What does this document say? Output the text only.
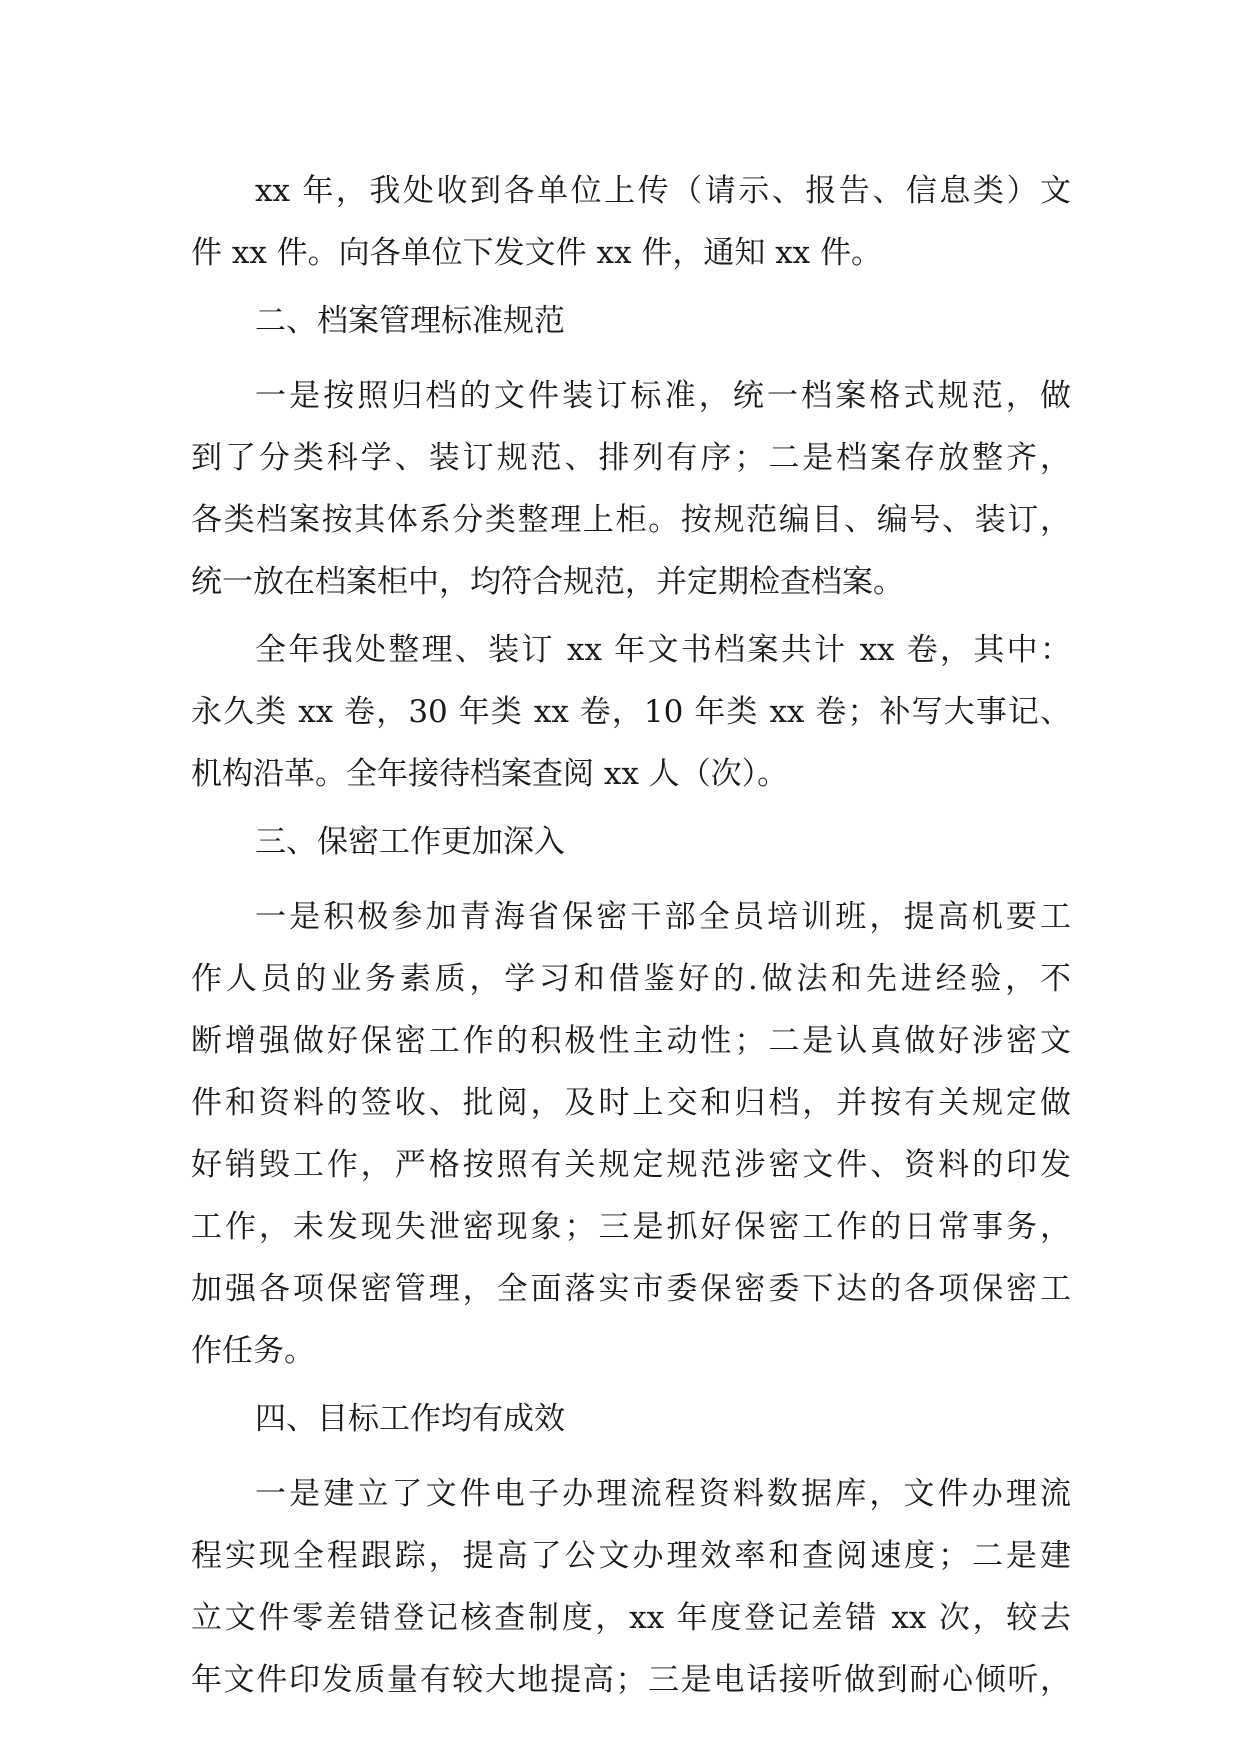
xx 年，我处收到各单位上传（请示、报告、信息类）文
件 xx 件。向各单位下发文件 xx 件，通知 xx 件。
二、档案管理标准规范
一是按照归档的文件装订标准，统一档案格式规范，做
到了分类科学、装订规范、排列有序；二是档案存放整齐，
各类档案按其体系分类整理上柜。按规范编目、编号、装订，
统一放在档案柜中，均符合规范，并定期检查档案。
全年我处整理、装订 xx 年文书档案共计 xx 卷，其中：
永久类 xx 卷，30 年类 xx 卷，10 年类 xx 卷；补写大事记、
机构沿革。全年接待档案查阅 xx 人（次）。
三、保密工作更加深入
一是积极参加青海省保密干部全员培训班，提高机要工
作人员的业务素质，学习和借鉴好的.做法和先进经验，不
断增强做好保密工作的积极性主动性；二是认真做好涉密文
件和资料的签收、批阅，及时上交和归档，并按有关规定做
好销毁工作，严格按照有关规定规范涉密文件、资料的印发
工作，未发现失泄密现象；三是抓好保密工作的日常事务，
加强各项保密管理，全面落实市委保密委下达的各项保密工
作任务。
四、目标工作均有成效
一是建立了文件电子办理流程资料数据库，文件办理流
程实现全程跟踪，提高了公文办理效率和查阅速度；二是建
立文件零差错登记核查制度，xx 年度登记差错 xx 次，较去
年文件印发质量有较大地提高；三是电话接听做到耐心倾听，
